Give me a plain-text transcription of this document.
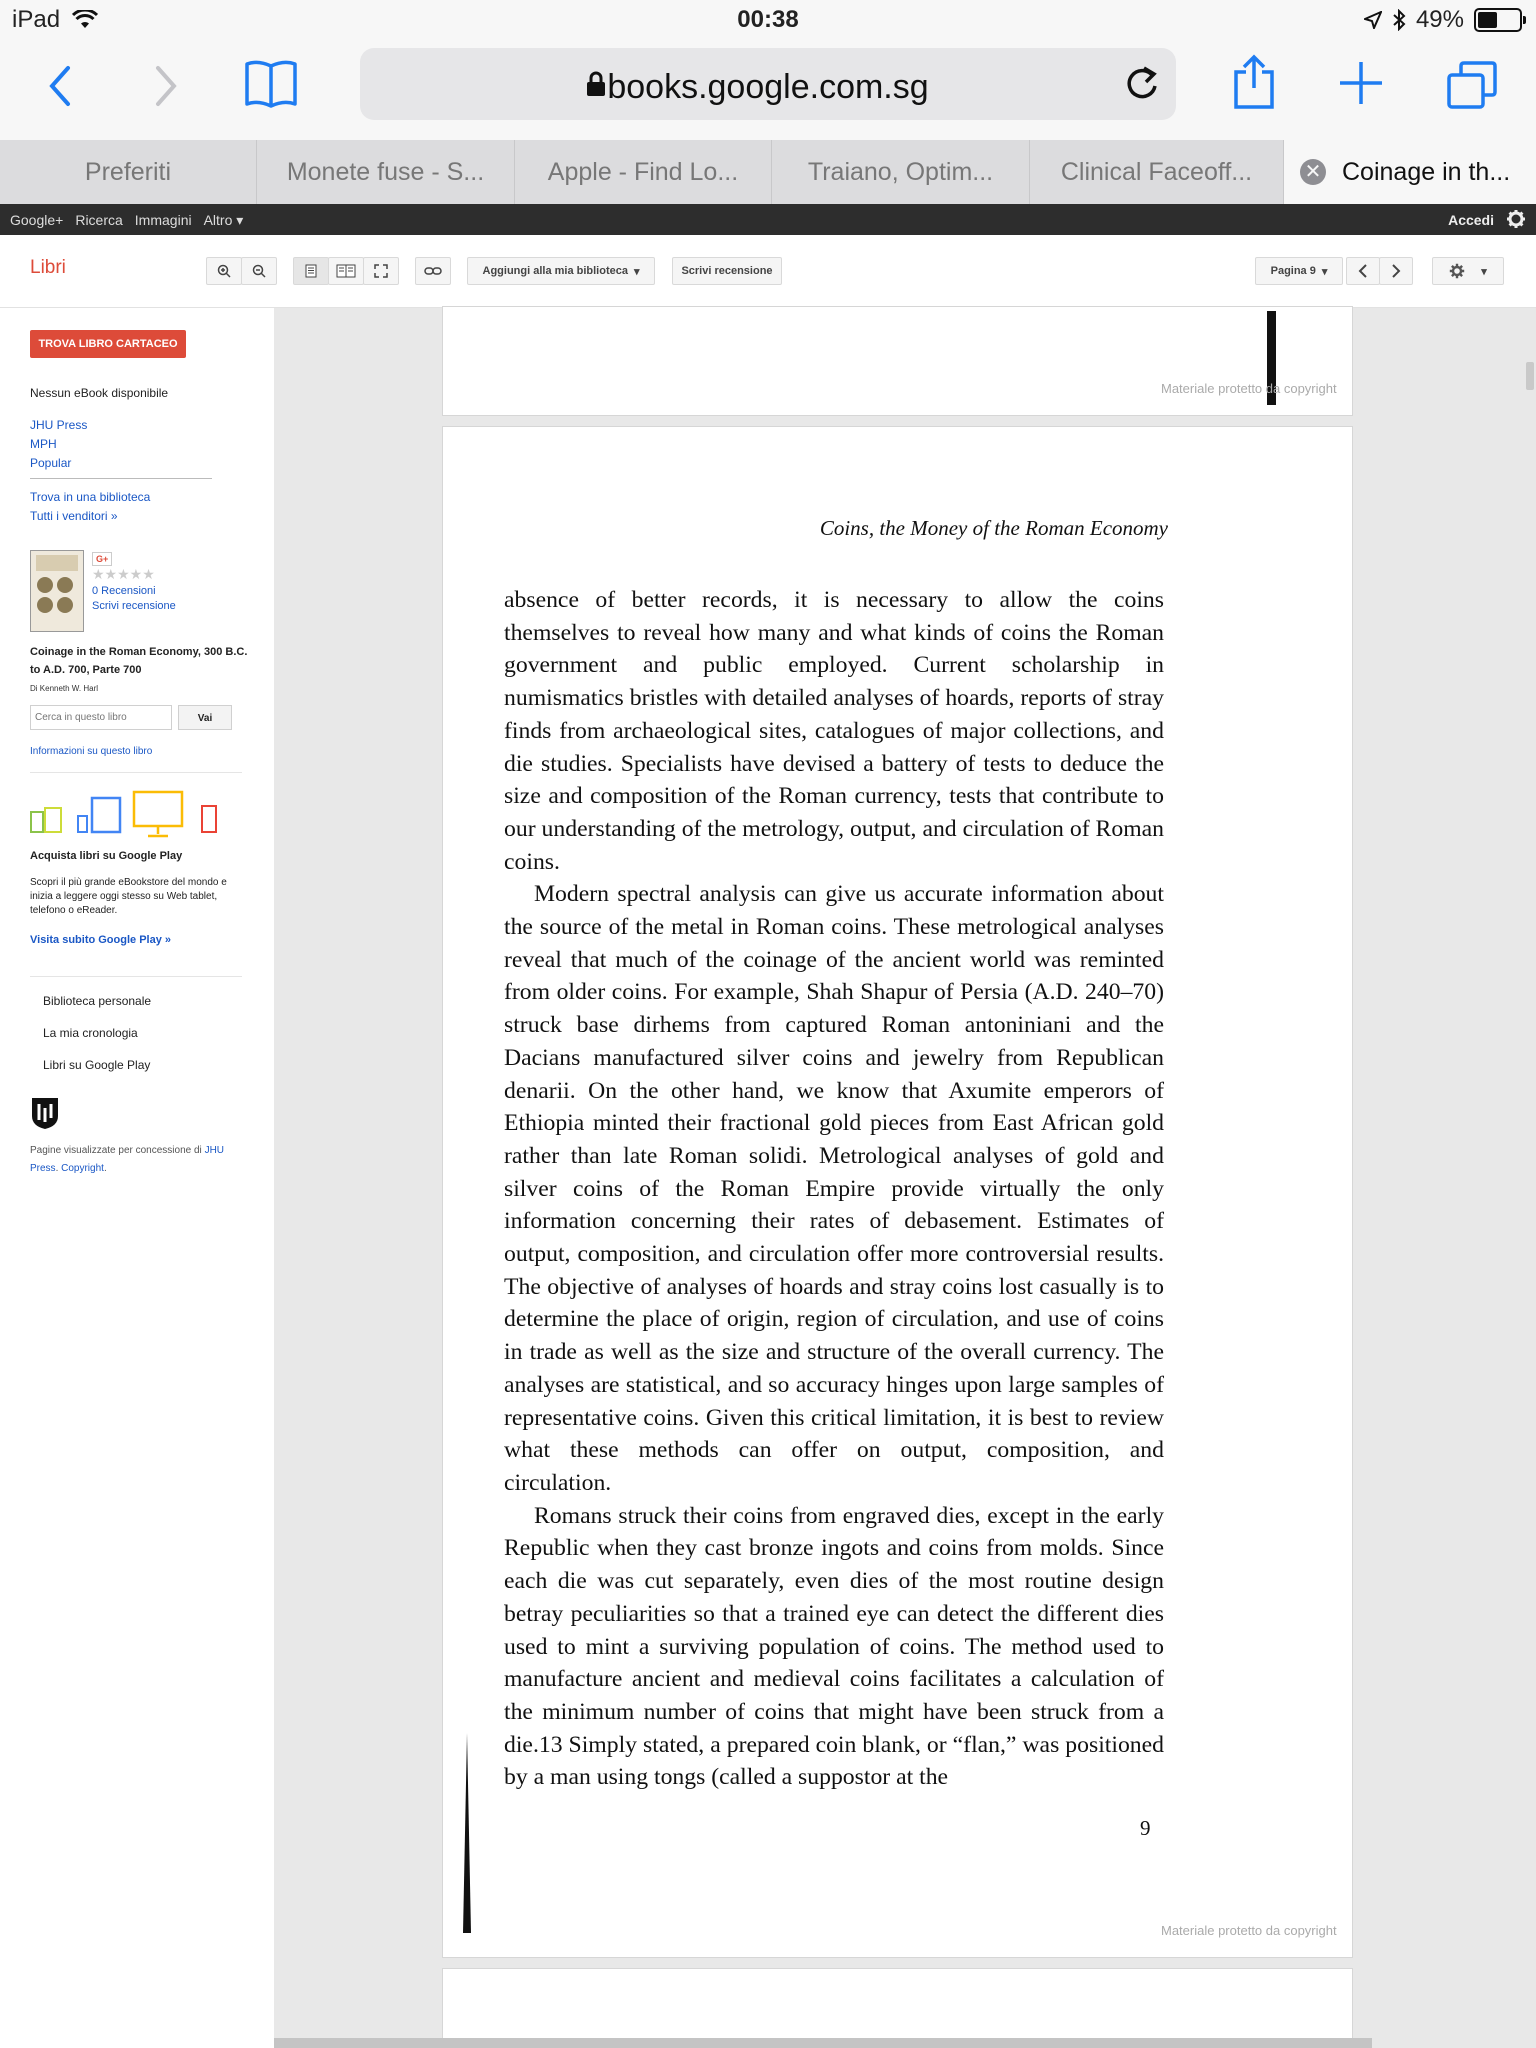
00:38
iPad	49%
books.google.com.sg
Preferiti	Monete fuse - S...	Apple - Find Lo...	Traiano, Optim...	Clinical Faceoff...	✕ Coinage in th...
Google+ Ricerca Immagini Altro ▾	Accedi
Libri	Aggiungi alla mia biblioteca ▾	Scrivi recensione	Pagina 9 ▾	▾
TROVA LIBRO CARTACEO
Nessun eBook disponibile
JHU Press
MPH
Popular
Trova in una biblioteca
Tutti i venditori »
G+
★★★★★
0 Recensioni
Scrivi recensione
Coinage in the Roman Economy, 300 B.C. to A.D. 700, Parte 700
Di Kenneth W. Harl
Cerca in questo libro
Vai
Informazioni su questo libro
Acquista libri su Google Play
Scopri il più grande eBookstore del mondo e inizia a leggere oggi stesso su Web tablet, telefono o eReader.
Visita subito Google Play »
Biblioteca personale
La mia cronologia
Libri su Google Play
Pagine visualizzate per concessione di JHU Press. Copyright.
Materiale protetto da copyright
Materiale protetto da copyright
Coins, the Money of the Roman Economy

absence of better records, it is necessary to allow the coins themselves to reveal how many and what kinds of coins the Roman government and public employed. Current scholarship in numismatics bristles with detailed analyses of hoards, reports of stray finds from archaeological sites, catalogues of major collections, and die studies. Specialists have devised a battery of tests to deduce the size and composition of the Roman currency, tests that contribute to our understanding of the metrology, output, and circulation of Roman coins.

Modern spectral analysis can give us accurate information about the source of the metal in Roman coins. These metrological analyses reveal that much of the coinage of the ancient world was reminted from older coins. For example, Shah Shapur of Persia (A.D. 240–70) struck base dirhems from captured Roman antoniniani and the Dacians manufactured silver coins and jewelry from Republican denarii. On the other hand, we know that Axumite emperors of Ethiopia minted their fractional gold pieces from East African gold rather than late Roman solidi. Metrological analyses of gold and silver coins of the Roman Empire provide virtually the only information concerning their rates of debasement. Estimates of output, composition, and circulation offer more controversial results. The objective of analyses of hoards and stray coins lost casually is to determine the place of origin, region of circulation, and use of coins in trade as well as the size and structure of the overall currency. The analyses are statistical, and so accuracy hinges upon large samples of representative coins. Given this critical limitation, it is best to review what these methods can offer on output, composition, and circulation.

Romans struck their coins from engraved dies, except in the early Republic when they cast bronze ingots and coins from molds. Since each die was cut separately, even dies of the most routine design betray peculiarities so that a trained eye can detect the different dies used to mint a surviving population of coins. The method used to manufacture ancient and medieval coins facilitates a calculation of the minimum number of coins that might have been struck from a die.13 Simply stated, a prepared coin blank, or “flan,” was positioned by a man using tongs (called a suppostor at the

9
